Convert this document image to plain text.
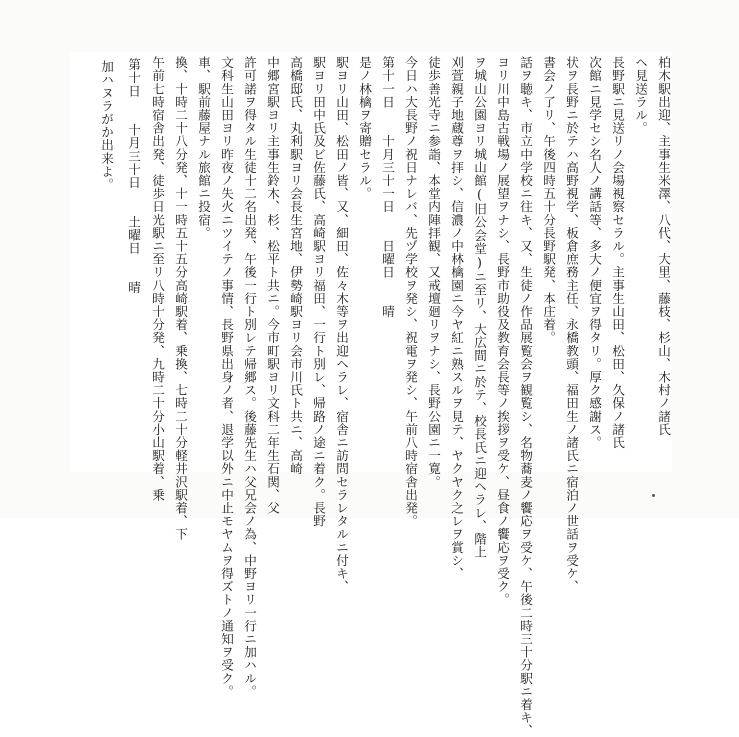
加ハヌラがか出来よ。 第十日　　十月三十日　　土曜日　　晴 午前七時宿舎出発、徒歩日光駅ニ至リ八時十分発、九時二十分小山駅着、乗 換、十時二十八分発、十一時五十五分高崎駅着、乗換、七時二十分軽井沢駅着、下 車、駅前藤屋ナル旅館ニ投宿。 文科生山田ヨリ昨夜ノ失火ニツイテノ事情、長野県出身ノ者、退学以外ニ中止モヤムヲ得ズトノ通知ヲ受ク。 許可諾ヲ得タル生徒十二名出発、午後一行ト別レテ帰郷ス。後藤先生ハ父兄会ノ為、中野ヨリ一行ニ加ハル。 中郷宮駅ヨリ主事生鈴木、杉、松平ト共ニ。今市町駅ヨリ文科二年生石関、父 高橋邸氏、丸利駅ヨリ会長生宮地、伊勢崎駅ヨリ会市川氏ト共ニ、高崎 駅ヨリ田中氏及ビ佐藤氏、高崎駅ヨリ福田、一行ト別レ、帰路ノ途ニ着ク。長野 駅ヨリ山田、松田ノ皆、又、細田、佐々木等ヲ出迎ヘラレ、宿舎ニ訪問セラレタルニ付キ、 是ノ林檎ヲ寄贈セラル。 第十一日　　十月三十一日　　日曜日　　晴 今日ハ大長野ノ祝日ナレバ、先ヅ学校ヲ発シ、祝電ヲ発シ、午前八時宿舎出発。 徒歩善光寺ニ参詣、本堂内陣拝観、又戒壇廻リヲナシ、長野公園ニ一寛。 刈萱親子地蔵尊ヲ拝シ、信濃ノ中林檎園ニ今ヤ紅ニ熟スルヲ見テ、ヤクヤク之レヲ賞シ、 ヲ城山公園ヨリ城山館(旧公会堂)ニ至リ、大広間ニ於テ、校長氏ニ迎ヘラレ、階上 ヨリ川中島古戦場ノ展望ヲナシ、長野市助役及教育会長等ノ挨拶ヲ受ケ、昼食ノ饗応ヲ受ク。 話ヲ聴キ、市立中学校ニ往キ、又、生徒ノ作品展覧会ヲ観覧シ、名物蕎麦ノ饗応ヲ受ケ、午後二時三十分駅ニ着キ、 書会ノ了リ、午後四時五十分長野駅発、本庄着。 状ヲ長野ニ於テハ高野視学、板倉庶務主任、永橋教頭、福田生ノ諸氏ニ宿泊ノ世話ヲ受ケ、 次館ニ見学セシ名人ノ講話等、多大ノ便宜ヲ得タリ。厚ク感謝ス。 長野駅ニ見送リノ会場視察セラル。主事生山田、松田、久保ノ諸氏 ヘ見送ラル。 柏木駅出迎、主事生米澤、八代、大里、藤枝、杉山、木村ノ諸氏
